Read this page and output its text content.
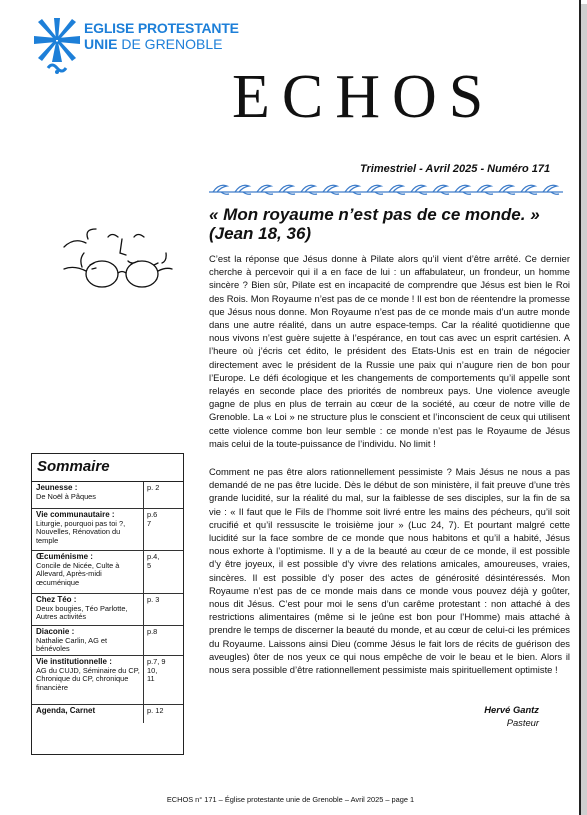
EGLISE PROTESTANTE
UNIE DE GRENOBLE
ECHOS
Trimestriel - Avril 2025 - Numéro 171
« Mon royaume n’est pas de ce monde. » (Jean 18, 36)
C’est la réponse que Jésus donne à Pilate alors qu’il vient d’être arrêté. Ce dernier cherche à percevoir qui il a en face de lui : un affabulateur, un frondeur, un homme sincère ? Bien sûr, Pilate est en incapacité de comprendre que Jésus est bien le Roi des Rois. Mon Royaume n’est pas de ce monde ! Il est bon de réentendre la promesse que Jésus nous donne. Mon Royaume n’est pas de ce monde mais d’un autre monde dans une autre réalité, dans un autre espace-temps. Car la réalité quotidienne que nous vivons n’est guère sujette à l’espérance, en tout cas avec un esprit cartésien. A l’heure où j’écris cet édito, le président des Etats-Unis est en train de négocier directement avec le président de la Russie une paix qui n’augure rien de bon pour l’Europe. Le défi écologique et les changements de comportements qu’il appelle sont relayés en seconde place des priorités de nombreux pays. Une violence aveugle gagne de plus en plus de terrain au cœur de la société, au cœur de notre ville de Grenoble. La « Loi » ne structure plus le conscient et l’inconscient de ceux qui utilisent cette violence comme bon leur semble : ce monde n’est pas le Royaume de Jésus mais celui de la toute-puissance de l’individu. No limit !
Comment ne pas être alors rationnellement pessimiste ? Mais Jésus ne nous a pas demandé de ne pas être lucide. Dès le début de son ministère, il fait preuve d’une très grande lucidité, sur la réalité du mal, sur la faiblesse de ses disciples, sur la fin de sa vie : « Il faut que le Fils de l’homme soit livré entre les mains des pécheurs, qu’il soit crucifié et qu’il ressuscite le troisième jour » (Luc 24, 7). Et pourtant malgré cette lucidité sur la face sombre de ce monde que nous habitons et qu’il a habité, Jésus nous exhorte à l’optimisme. Il y a de la beauté au cœur de ce monde, il est possible d’y être joyeux, il est possible d’y vivre des relations amicales, amoureuses, vraies, sincères. Il est possible d’y poser des actes de générosité désintéressés. Mon Royaume n’est pas de ce monde mais dans ce monde vous pouvez déjà y goûter, nous dit Jésus. C’est pour moi le sens d’un carême protestant : non attaché à des restrictions alimentaires (même si le jeûne est bon pour l’Homme) mais attaché à prendre le temps de discerner la beauté du monde, et au cœur de celui-ci les prémices du Royaume. Laissons ainsi Dieu (comme Jésus le fait lors de récits de guérison des aveugles) ôter de nos yeux ce qui nous empêche de voir le beau et le bien. Alors il nous sera possible d’être rationnellement pessimiste mais spirituellement optimiste !
Hervé Gantz
Pasteur
Sommaire
Jeunesse :
De Noël à Pâques
p. 2
Vie communautaire :
Liturgie, pourquoi pas toi ?, Nouvelles, Rénovation du temple
p.6
7
Œcuménisme :
Concile de Nicée, Culte à Allevard, Après-midi œcuménique
p.4,
5
Chez Téo :
Deux bougies, Téo Parlotte, Autres activités
p. 3
Diaconie :
Nathalie Carlin, AG et bénévoles
p.8
Vie institutionnelle :
AG du CUJD, Séminaire du CP, Chronique du CP, chronique financière
p.7, 9
10,
11
Agenda, Carnet	p. 12
ECHOS n° 171 – Église protestante unie de Grenoble – Avril 2025 – page 1
